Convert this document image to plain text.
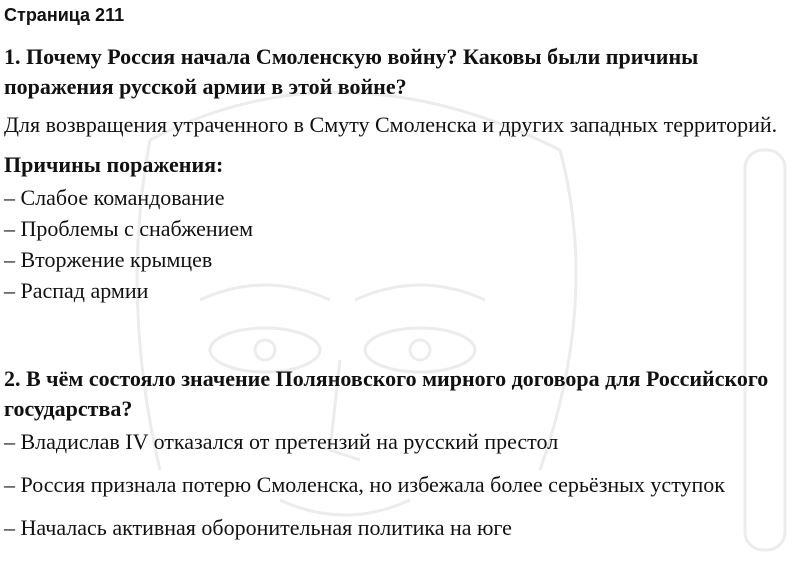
Страница 211
1. Почему Россия начала Смоленскую войну? Каковы были причины поражения русской армии в этой войне?
Для возвращения утраченного в Смуту Смоленска и других западных территорий.
Причины поражения:
– Слабое командование
– Проблемы с снабжением
– Вторжение крымцев
– Распад армии
2. В чём состояло значение Поляновского мирного договора для Российского государства?
– Владислав IV отказался от претензий на русский престол
– Россия признала потерю Смоленска, но избежала более серьёзных уступок
– Началась активная оборонительная политика на юге
